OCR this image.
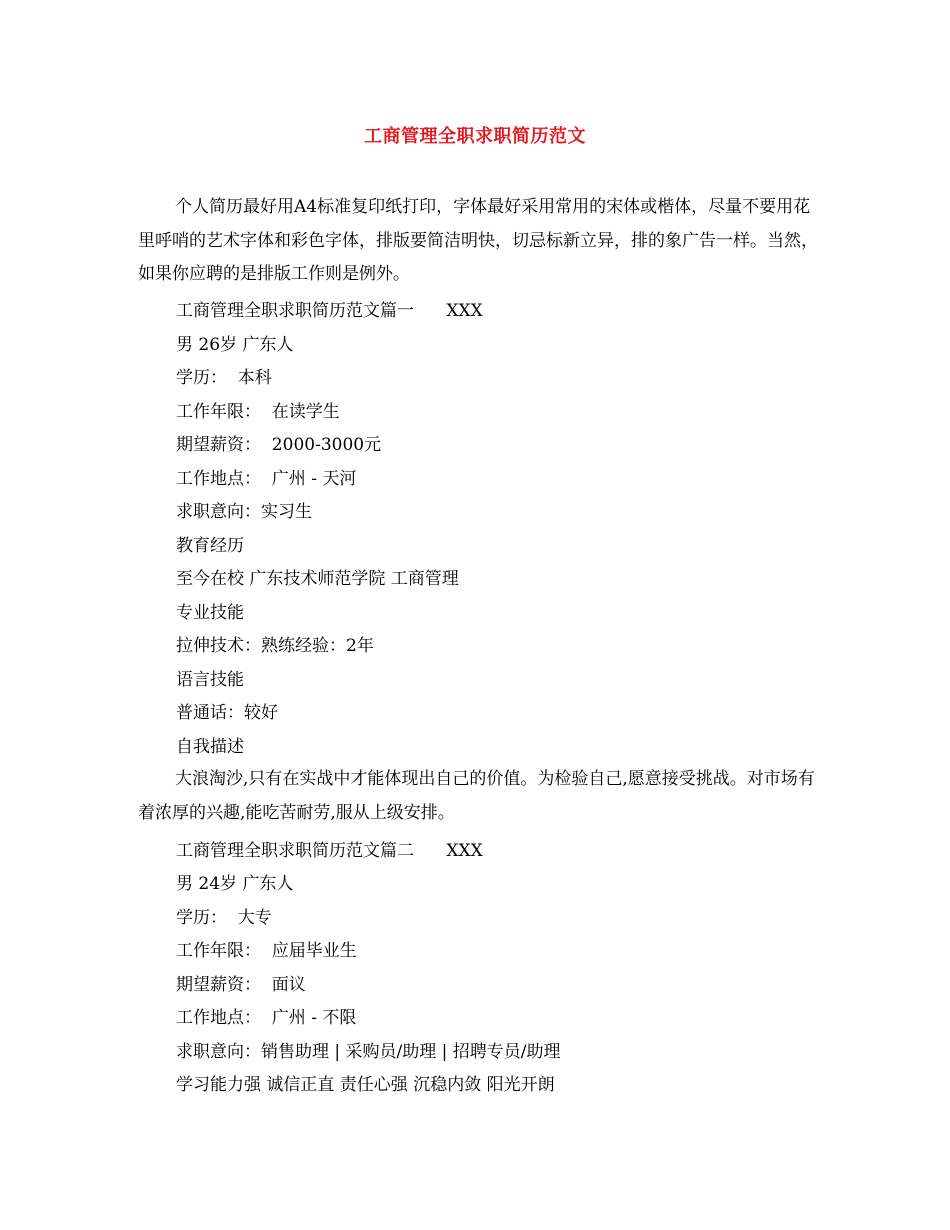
工商管理全职求职简历范文

个人简历最好用A4标准复印纸打印，字体最好采用常用的宋体或楷体，尽量不要用花里呼哨的艺术字体和彩色字体，排版要简洁明快，切忌标新立异，排的象广告一样。当然，如果你应聘的是排版工作则是例外。

工商管理全职求职简历范文篇一      XXX
男 26岁 广东人
学历：  本科
工作年限：  在读学生
期望薪资：  2000-3000元
工作地点：  广州 - 天河
求职意向：实习生
教育经历
至今在校 广东技术师范学院 工商管理
专业技能
拉伸技术：熟练经验：2年
语言技能
普通话：较好
自我描述

大浪淘沙,只有在实战中才能体现出自己的价值。为检验自己,愿意接受挑战。对市场有着浓厚的兴趣,能吃苦耐劳,服从上级安排。

工商管理全职求职简历范文篇二      XXX
男 24岁 广东人
学历：  大专
工作年限：  应届毕业生
期望薪资：  面议
工作地点：  广州 - 不限
求职意向：销售助理 | 采购员/助理 | 招聘专员/助理
学习能力强 诚信正直 责任心强 沉稳内敛 阳光开朗
